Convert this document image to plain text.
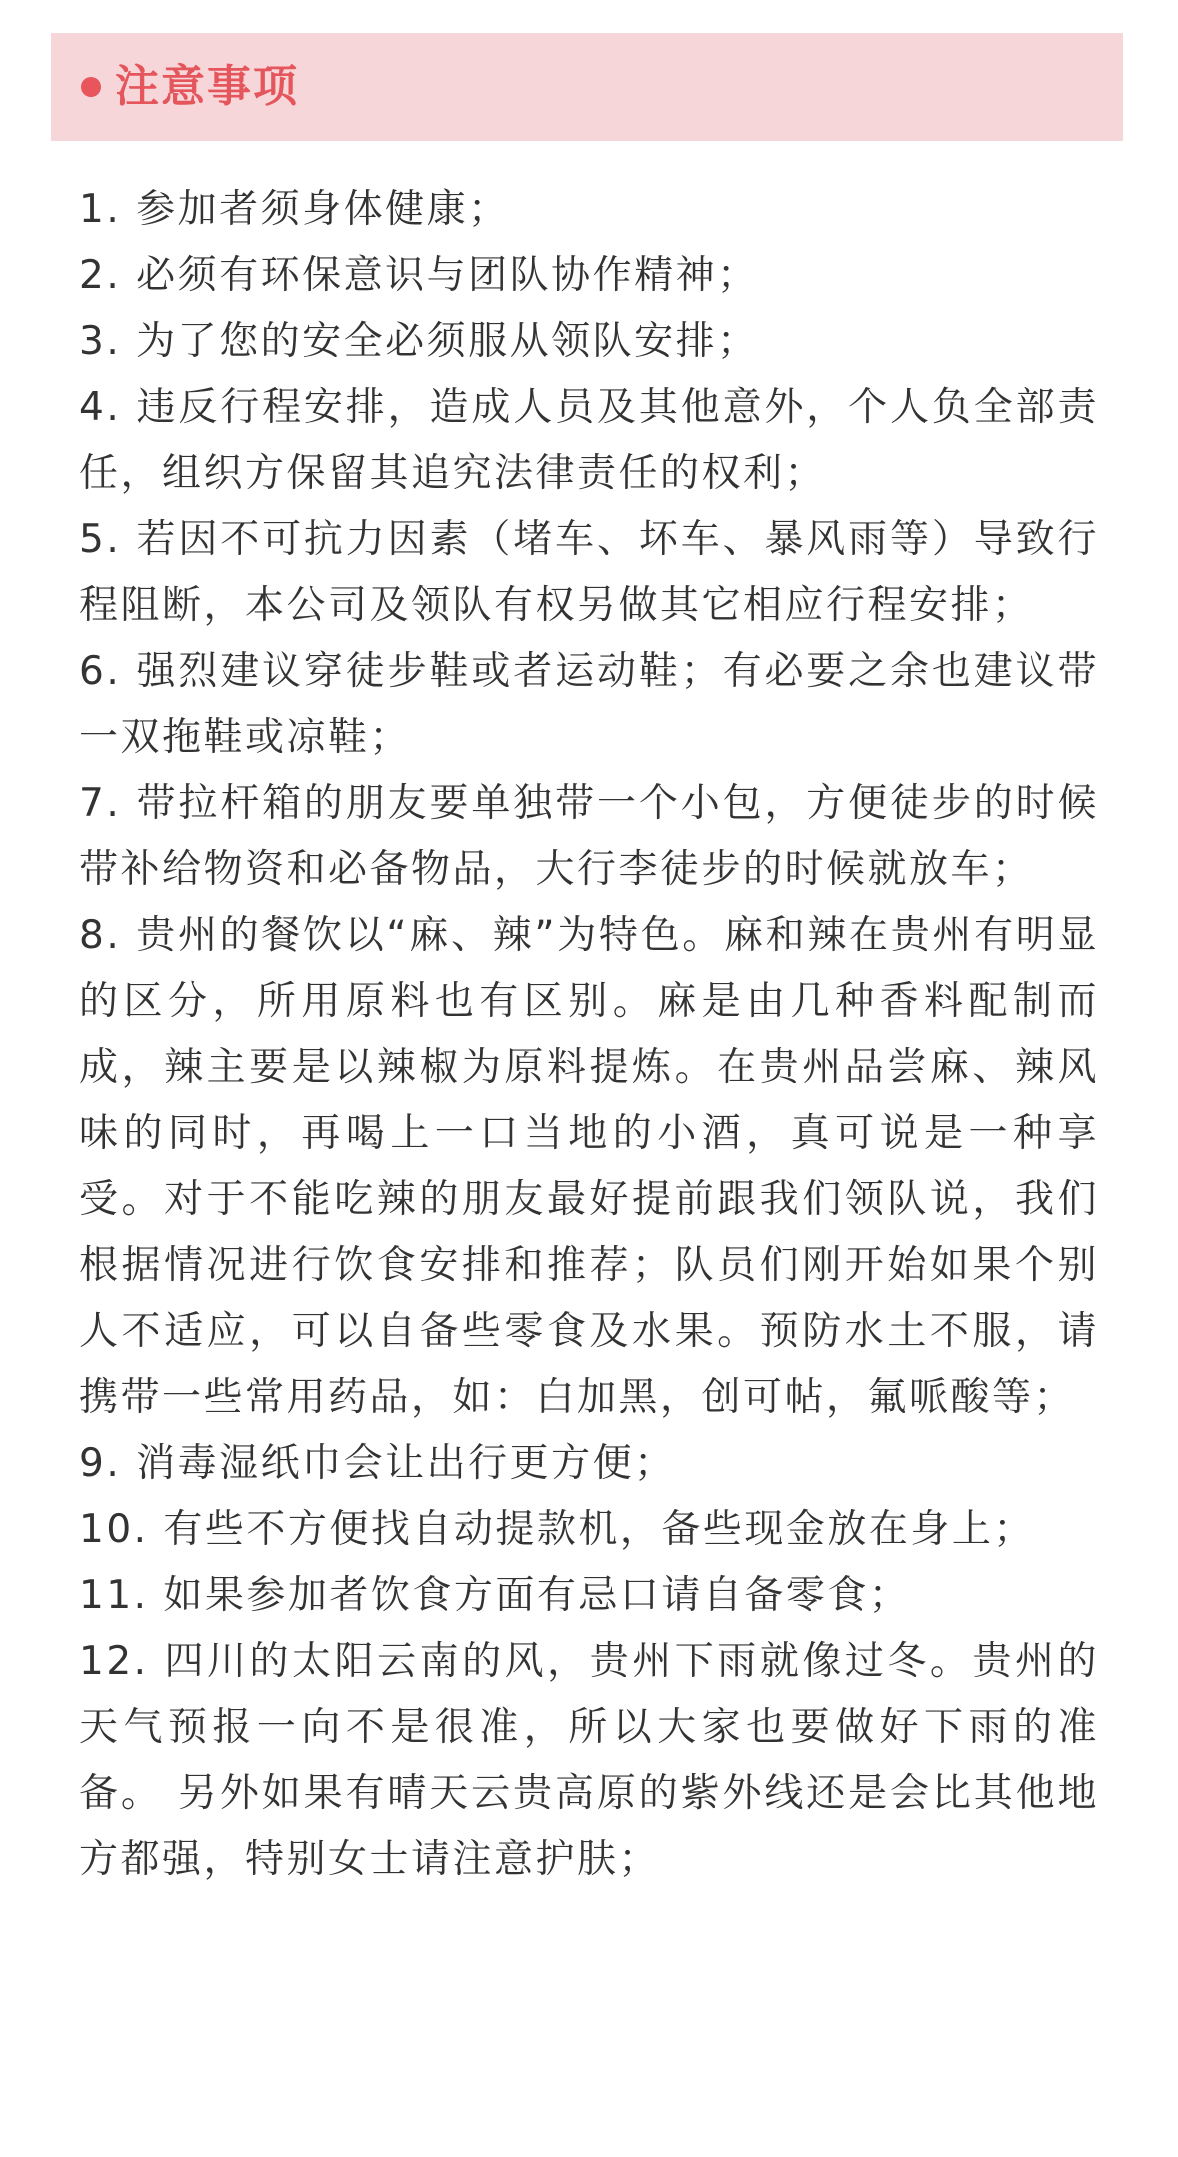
注意事项
1. 参加者须身体健康；
2. 必须有环保意识与团队协作精神；
3. 为了您的安全必须服从领队安排；
4. 违反行程安排，造成人员及其他意外，个人负全部责任，组织方保留其追究法律责任的权利；
5. 若因不可抗力因素（堵车、坏车、暴风雨等）导致行程阻断，本公司及领队有权另做其它相应行程安排；
6. 强烈建议穿徒步鞋或者运动鞋；有必要之余也建议带一双拖鞋或凉鞋；
7. 带拉杆箱的朋友要单独带一个小包，方便徒步的时候带补给物资和必备物品，大行李徒步的时候就放车；
8. 贵州的餐饮以“麻、辣”为特色。麻和辣在贵州有明显的区分，所用原料也有区别。麻是由几种香料配制而成，辣主要是以辣椒为原料提炼。在贵州品尝麻、辣风味的同时，再喝上一口当地的小酒，真可说是一种享受。对于不能吃辣的朋友最好提前跟我们领队说，我们根据情况进行饮食安排和推荐；队员们刚开始如果个别人不适应，可以自备些零食及水果。预防水土不服，请携带一些常用药品，如：白加黑，创可帖，氟哌酸等；
9. 消毒湿纸巾会让出行更方便；
10. 有些不方便找自动提款机，备些现金放在身上；
11. 如果参加者饮食方面有忌口请自备零食；
12. 四川的太阳云南的风，贵州下雨就像过冬。贵州的天气预报一向不是很准，所以大家也要做好下雨的准备。 另外如果有晴天云贵高原的紫外线还是会比其他地方都强，特别女士请注意护肤；
